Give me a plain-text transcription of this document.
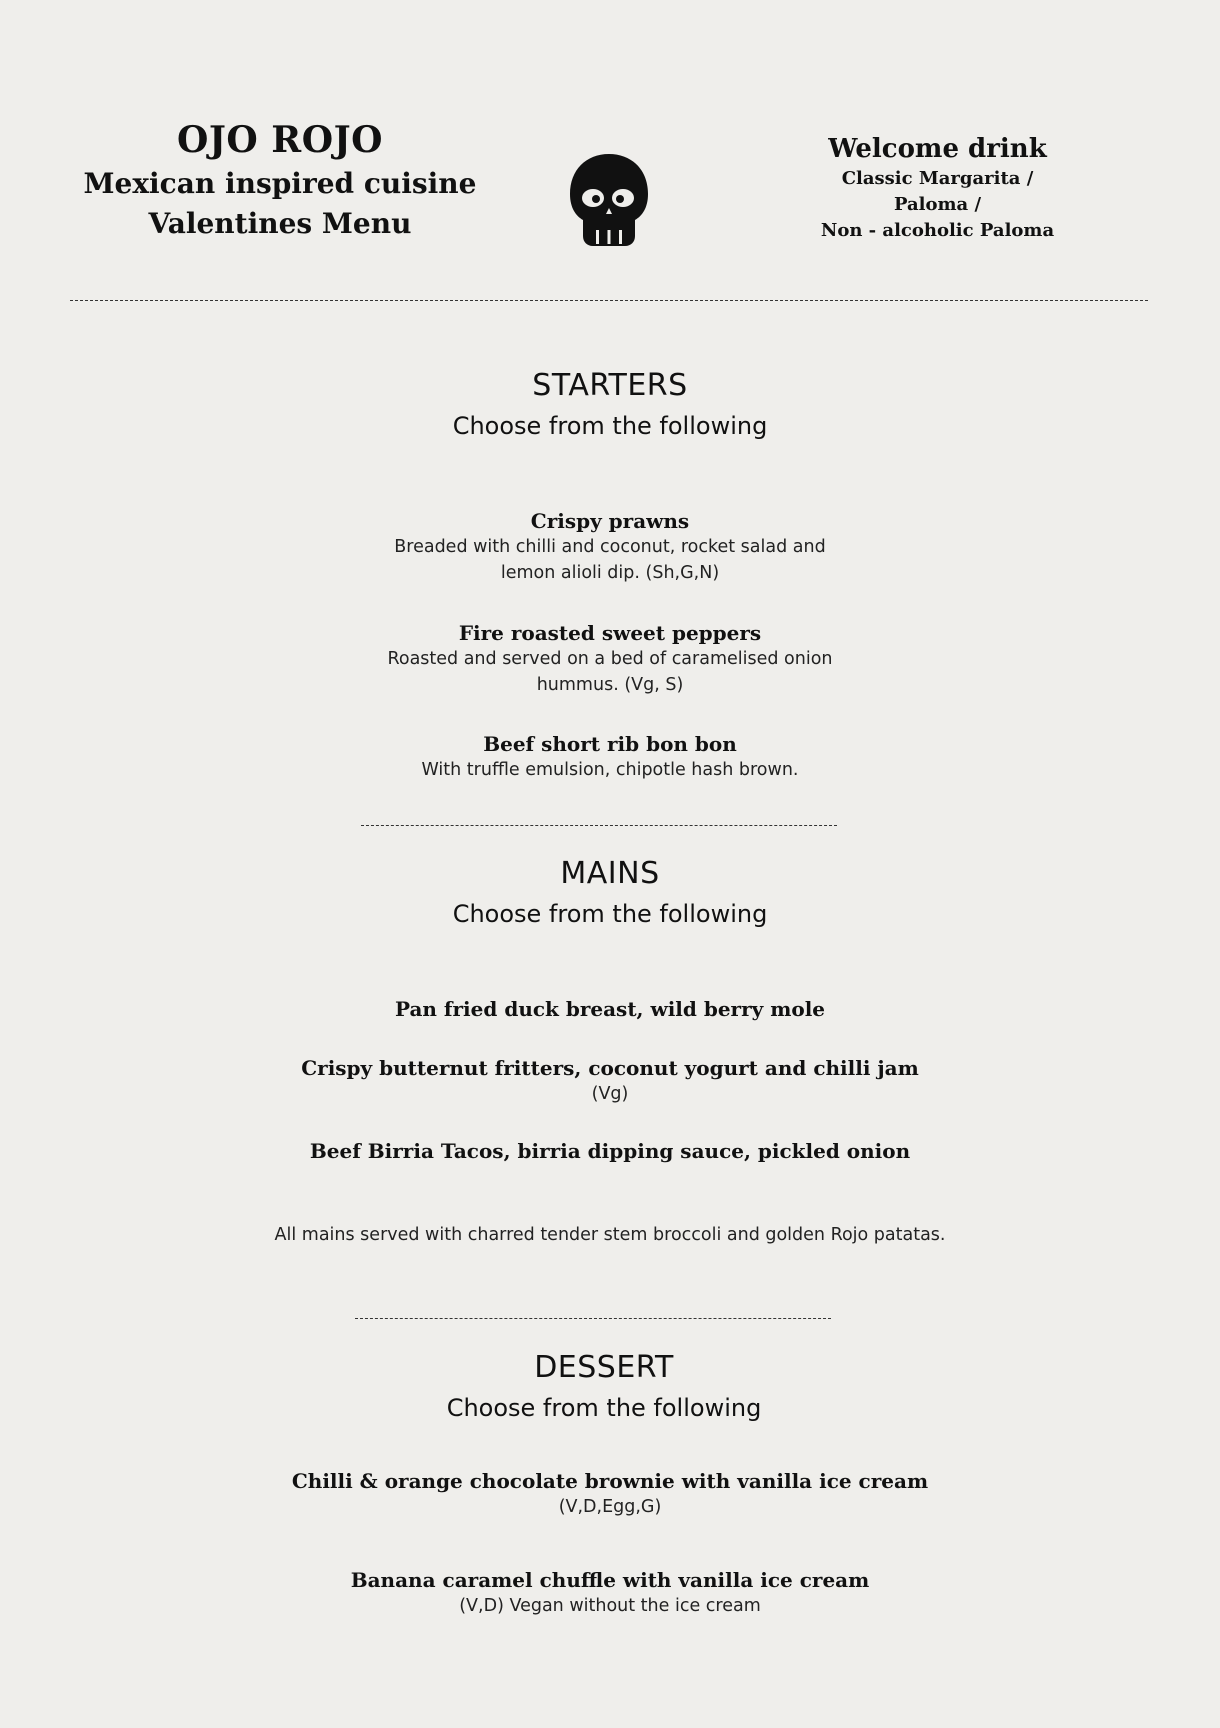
OJO ROJO
Mexican inspired cuisine
Valentines Menu
Welcome drink
Classic Margarita /
Paloma /
Non - alcoholic Paloma
STARTERS
Choose from the following
Crispy prawns
Breaded with chilli and coconut, rocket salad and lemon alioli dip. (Sh,G,N)
Fire roasted sweet peppers
Roasted and served on a bed of caramelised onion hummus. (Vg, S)
Beef short rib bon bon
With truffle emulsion, chipotle hash brown.
MAINS
Choose from the following
Pan fried duck breast, wild berry mole
Crispy butternut fritters, coconut yogurt and chilli jam
(Vg)
Beef Birria Tacos, birria dipping sauce, pickled onion
All mains served with charred tender stem broccoli and golden Rojo patatas.
DESSERT
Choose from the following
Chilli & orange chocolate brownie with vanilla ice cream
(V,D,Egg,G)
Banana caramel chuffle with vanilla ice cream
(V,D) Vegan without the ice cream
